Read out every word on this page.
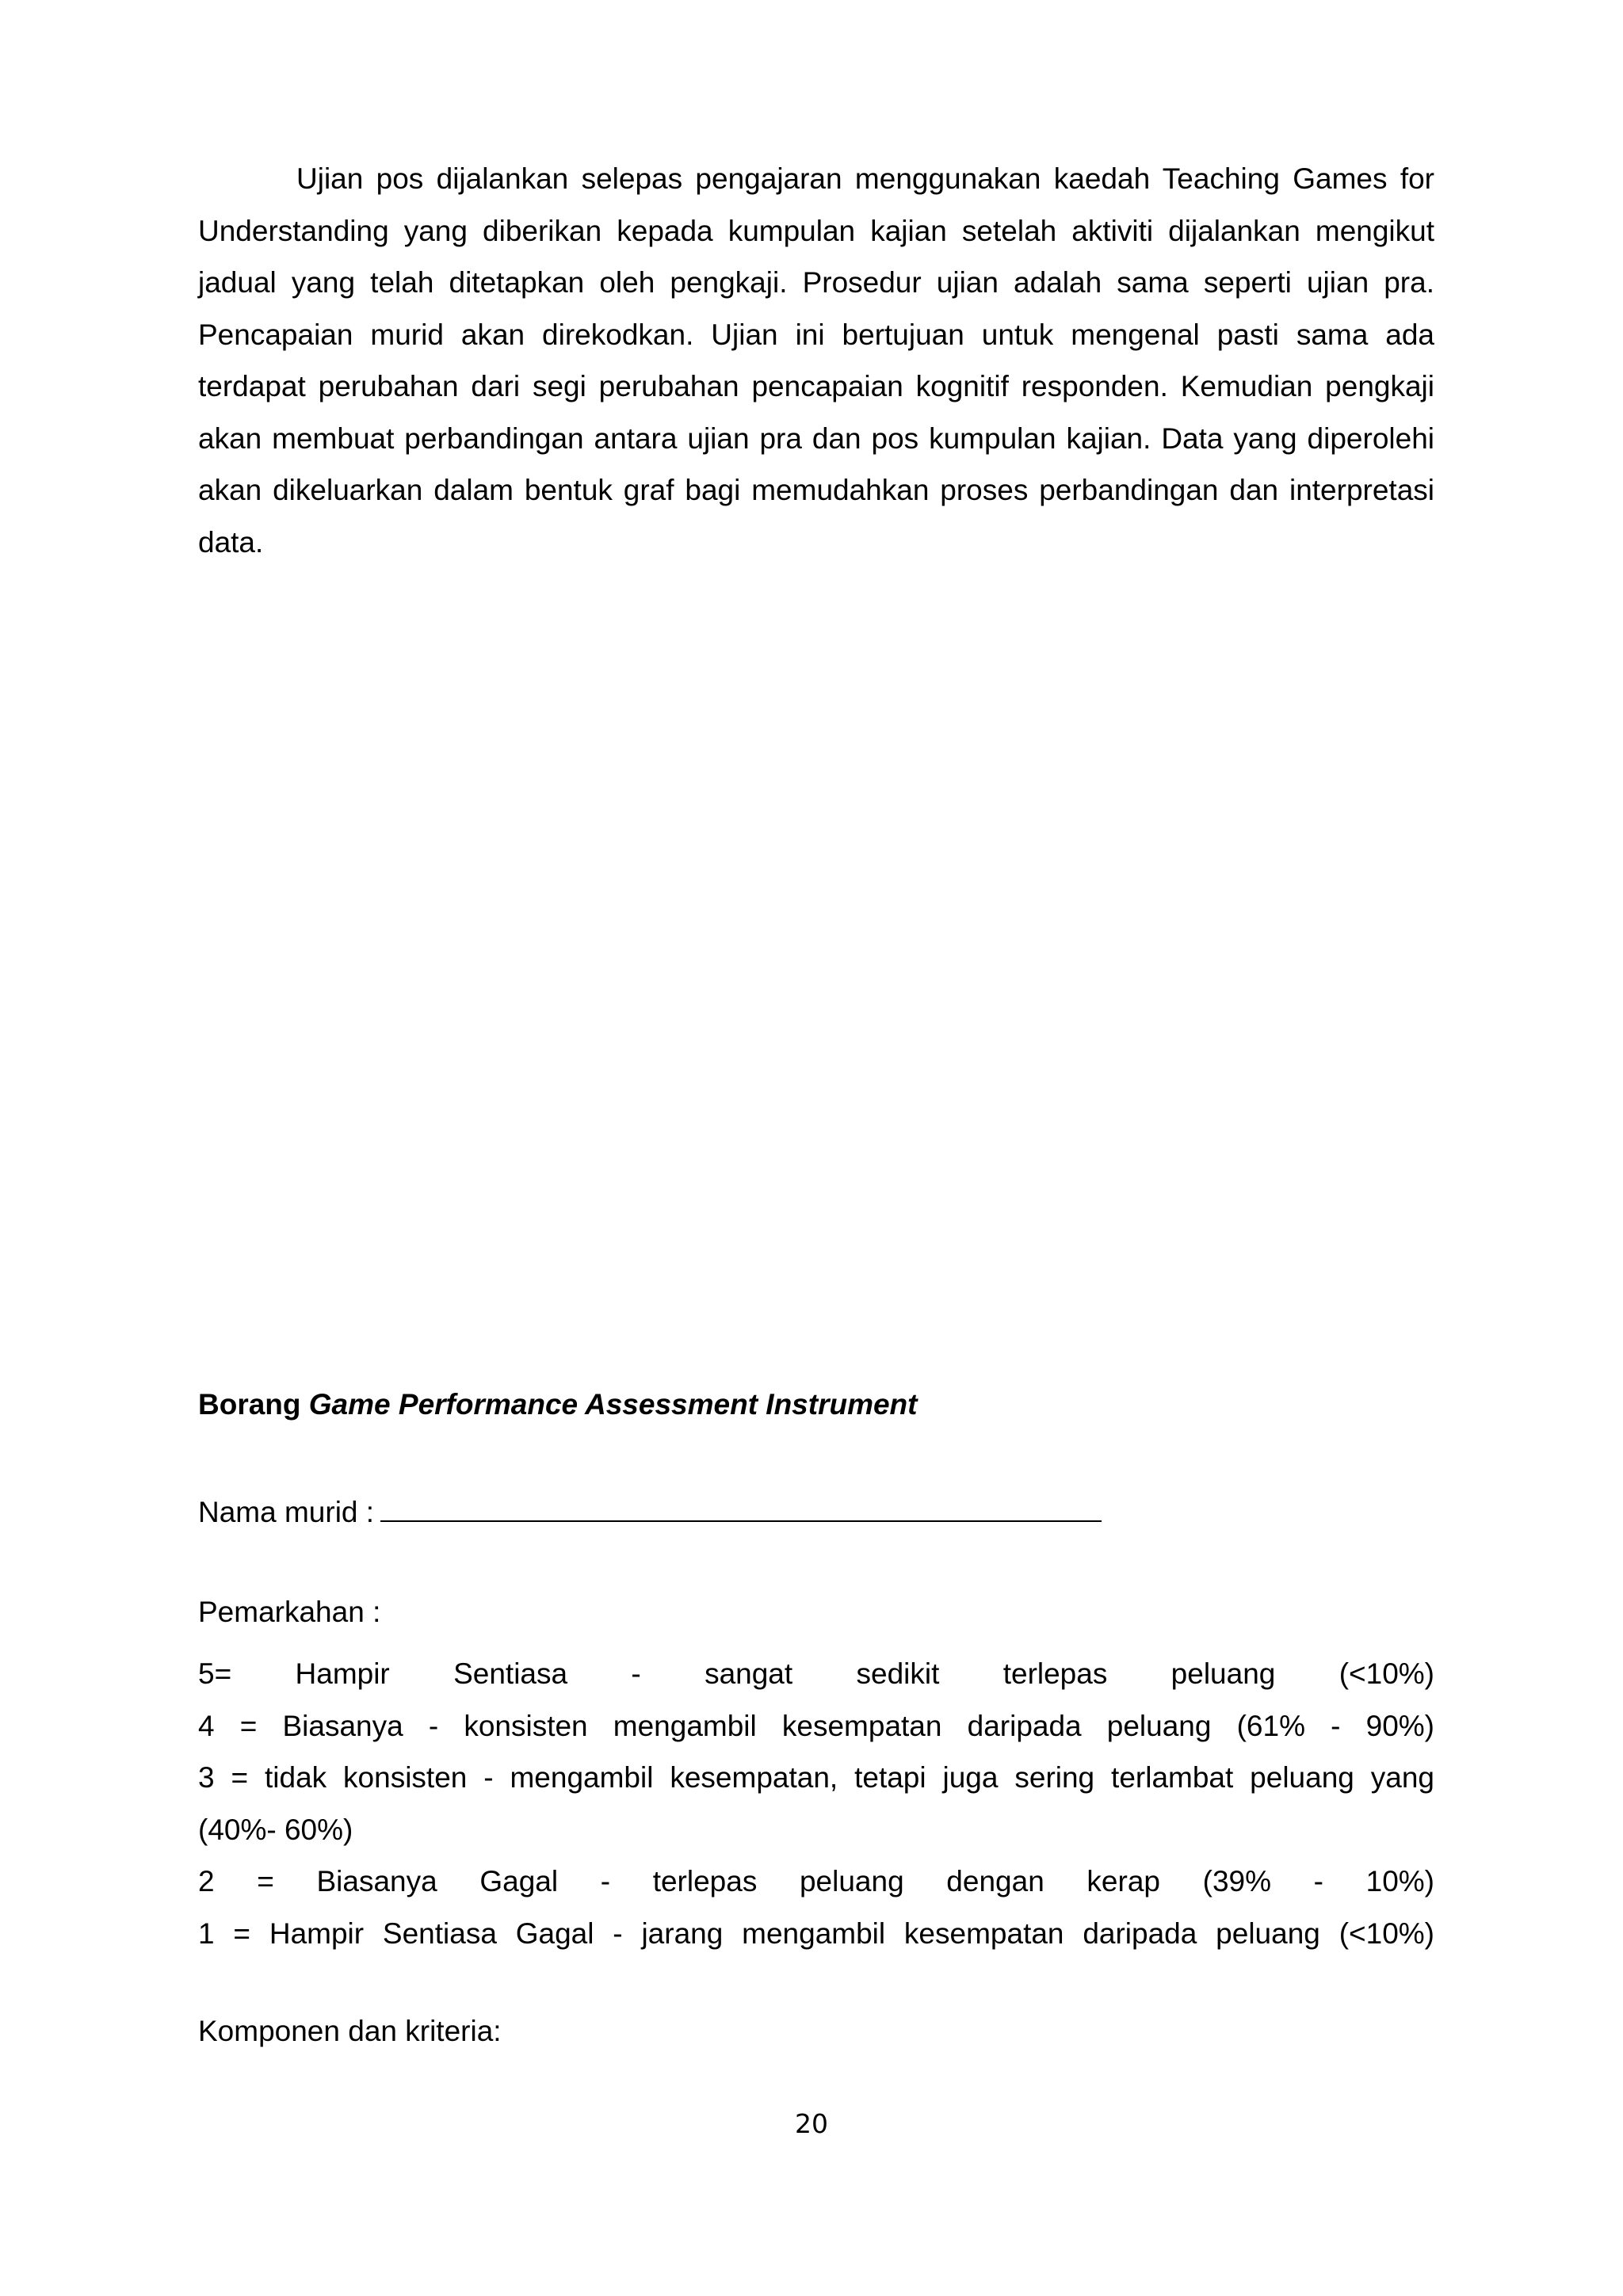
Ujian pos dijalankan selepas pengajaran menggunakan kaedah Teaching Games for Understanding yang diberikan kepada kumpulan kajian setelah aktiviti dijalankan mengikut jadual yang telah ditetapkan oleh pengkaji. Prosedur ujian adalah sama seperti ujian pra. Pencapaian murid akan direkodkan. Ujian ini bertujuan untuk mengenal pasti sama ada terdapat perubahan dari segi perubahan pencapaian kognitif responden. Kemudian pengkaji akan membuat perbandingan antara ujian pra dan pos kumpulan kajian. Data yang diperolehi akan dikeluarkan dalam bentuk graf bagi memudahkan proses perbandingan dan interpretasi data.

Borang Game Performance Assessment Instrument

Nama murid :

Pemarkahan :

5= Hampir Sentiasa - sangat sedikit terlepas peluang (<10%)
4 = Biasanya - konsisten mengambil kesempatan daripada peluang (61% - 90%)
3 = tidak konsisten - mengambil kesempatan, tetapi juga sering terlambat peluang yang
(40%- 60%)
2 = Biasanya Gagal - terlepas peluang dengan kerap (39% - 10%)
1 = Hampir Sentiasa Gagal - jarang mengambil kesempatan daripada peluang (<10%)

Komponen dan kriteria:

20
